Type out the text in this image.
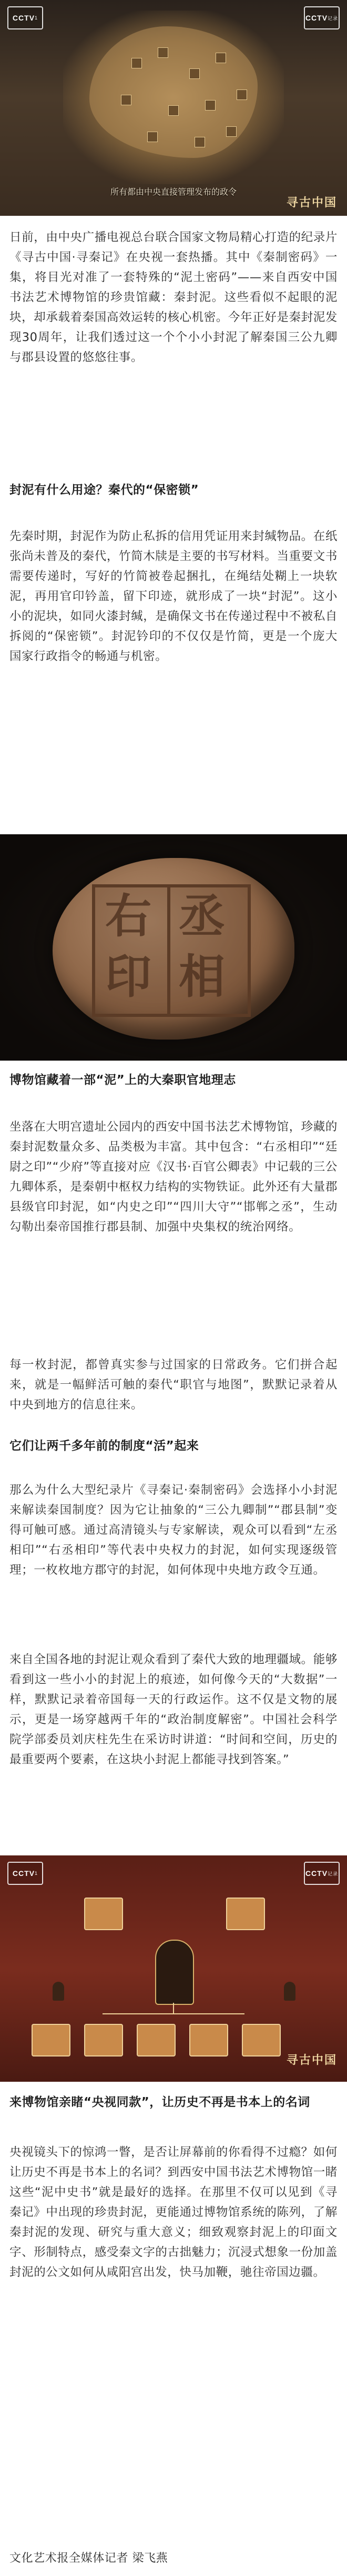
CCTV 1	CCTV 记录
所有都由中央直接管理发布的政令
寻古中国

日前，由中央广播电视总台联合国家文物局精心打造的纪录片《寻古中国·寻秦记》在央视一套热播。其中《秦制密码》一集，将目光对准了一套特殊的“泥土密码”——来自西安中国书法艺术博物馆的珍贵馆藏：秦封泥。这些看似不起眼的泥块，却承载着秦国高效运转的核心机密。今年正好是秦封泥发现30周年，让我们透过这一个个小小封泥了解秦国三公九卿与郡县设置的悠悠往事。

封泥有什么用途？秦代的“保密锁”

先秦时期，封泥作为防止私拆的信用凭证用来封缄物品。在纸张尚未普及的秦代，竹简木牍是主要的书写材料。当重要文书需要传递时，写好的竹简被卷起捆扎，在绳结处糊上一块软泥，再用官印钤盖，留下印迹，就形成了一块“封泥”。这小小的泥块，如同火漆封缄，是确保文书在传递过程中不被私自拆阅的“保密锁”。封泥钤印的不仅仅是竹简，更是一个庞大国家行政指令的畅通与机密。

丞
右
相
印

博物馆藏着一部“泥”上的大秦职官地理志

坐落在大明宫遗址公园内的西安中国书法艺术博物馆，珍藏的秦封泥数量众多、品类极为丰富。其中包含：“右丞相印”“廷尉之印”“少府”等直接对应《汉书·百官公卿表》中记载的三公九卿体系，是秦朝中枢权力结构的实物铁证。此外还有大量郡县级官印封泥，如“内史之印”“四川大守”“邯郸之丞”，生动勾勒出秦帝国推行郡县制、加强中央集权的统治网络。

每一枚封泥，都曾真实参与过国家的日常政务。它们拼合起来，就是一幅鲜活可触的秦代“职官与地图”，默默记录着从中央到地方的信息往来。

它们让两千多年前的制度“活”起来

那么为什么大型纪录片《寻秦记·秦制密码》会选择小小封泥来解读秦国制度？因为它让抽象的“三公九卿制”“郡县制”变得可触可感。通过高清镜头与专家解读，观众可以看到“左丞相印”“右丞相印”等代表中央权力的封泥，如何实现逐级管理；一枚枚地方郡守的封泥，如何体现中央地方政令互通。

来自全国各地的封泥让观众看到了秦代大致的地理疆域。能够看到这一些小小的封泥上的痕迹，如何像今天的“大数据”一样，默默记录着帝国每一天的行政运作。这不仅是文物的展示，更是一场穿越两千年的“政治制度解密”。中国社会科学院学部委员刘庆柱先生在采访时讲道：“时间和空间，历史的最重要两个要素，在这块小封泥上都能寻找到答案。”

CCTV 1	CCTV 记录
寻古中国

来博物馆亲睹“央视同款”，让历史不再是书本上的名词

央视镜头下的惊鸿一瞥，是否让屏幕前的你看得不过瘾？如何让历史不再是书本上的名词？到西安中国书法艺术博物馆一睹这些“泥中史书”就是最好的选择。在那里不仅可以见到《寻秦记》中出现的珍贵封泥，更能通过博物馆系统的陈列，了解秦封泥的发现、研究与重大意义；细致观察封泥上的印面文字、形制特点，感受秦文字的古拙魅力；沉浸式想象一份加盖封泥的公文如何从咸阳宫出发，快马加鞭，驰往帝国边疆。

文化艺术报全媒体记者 梁飞燕
